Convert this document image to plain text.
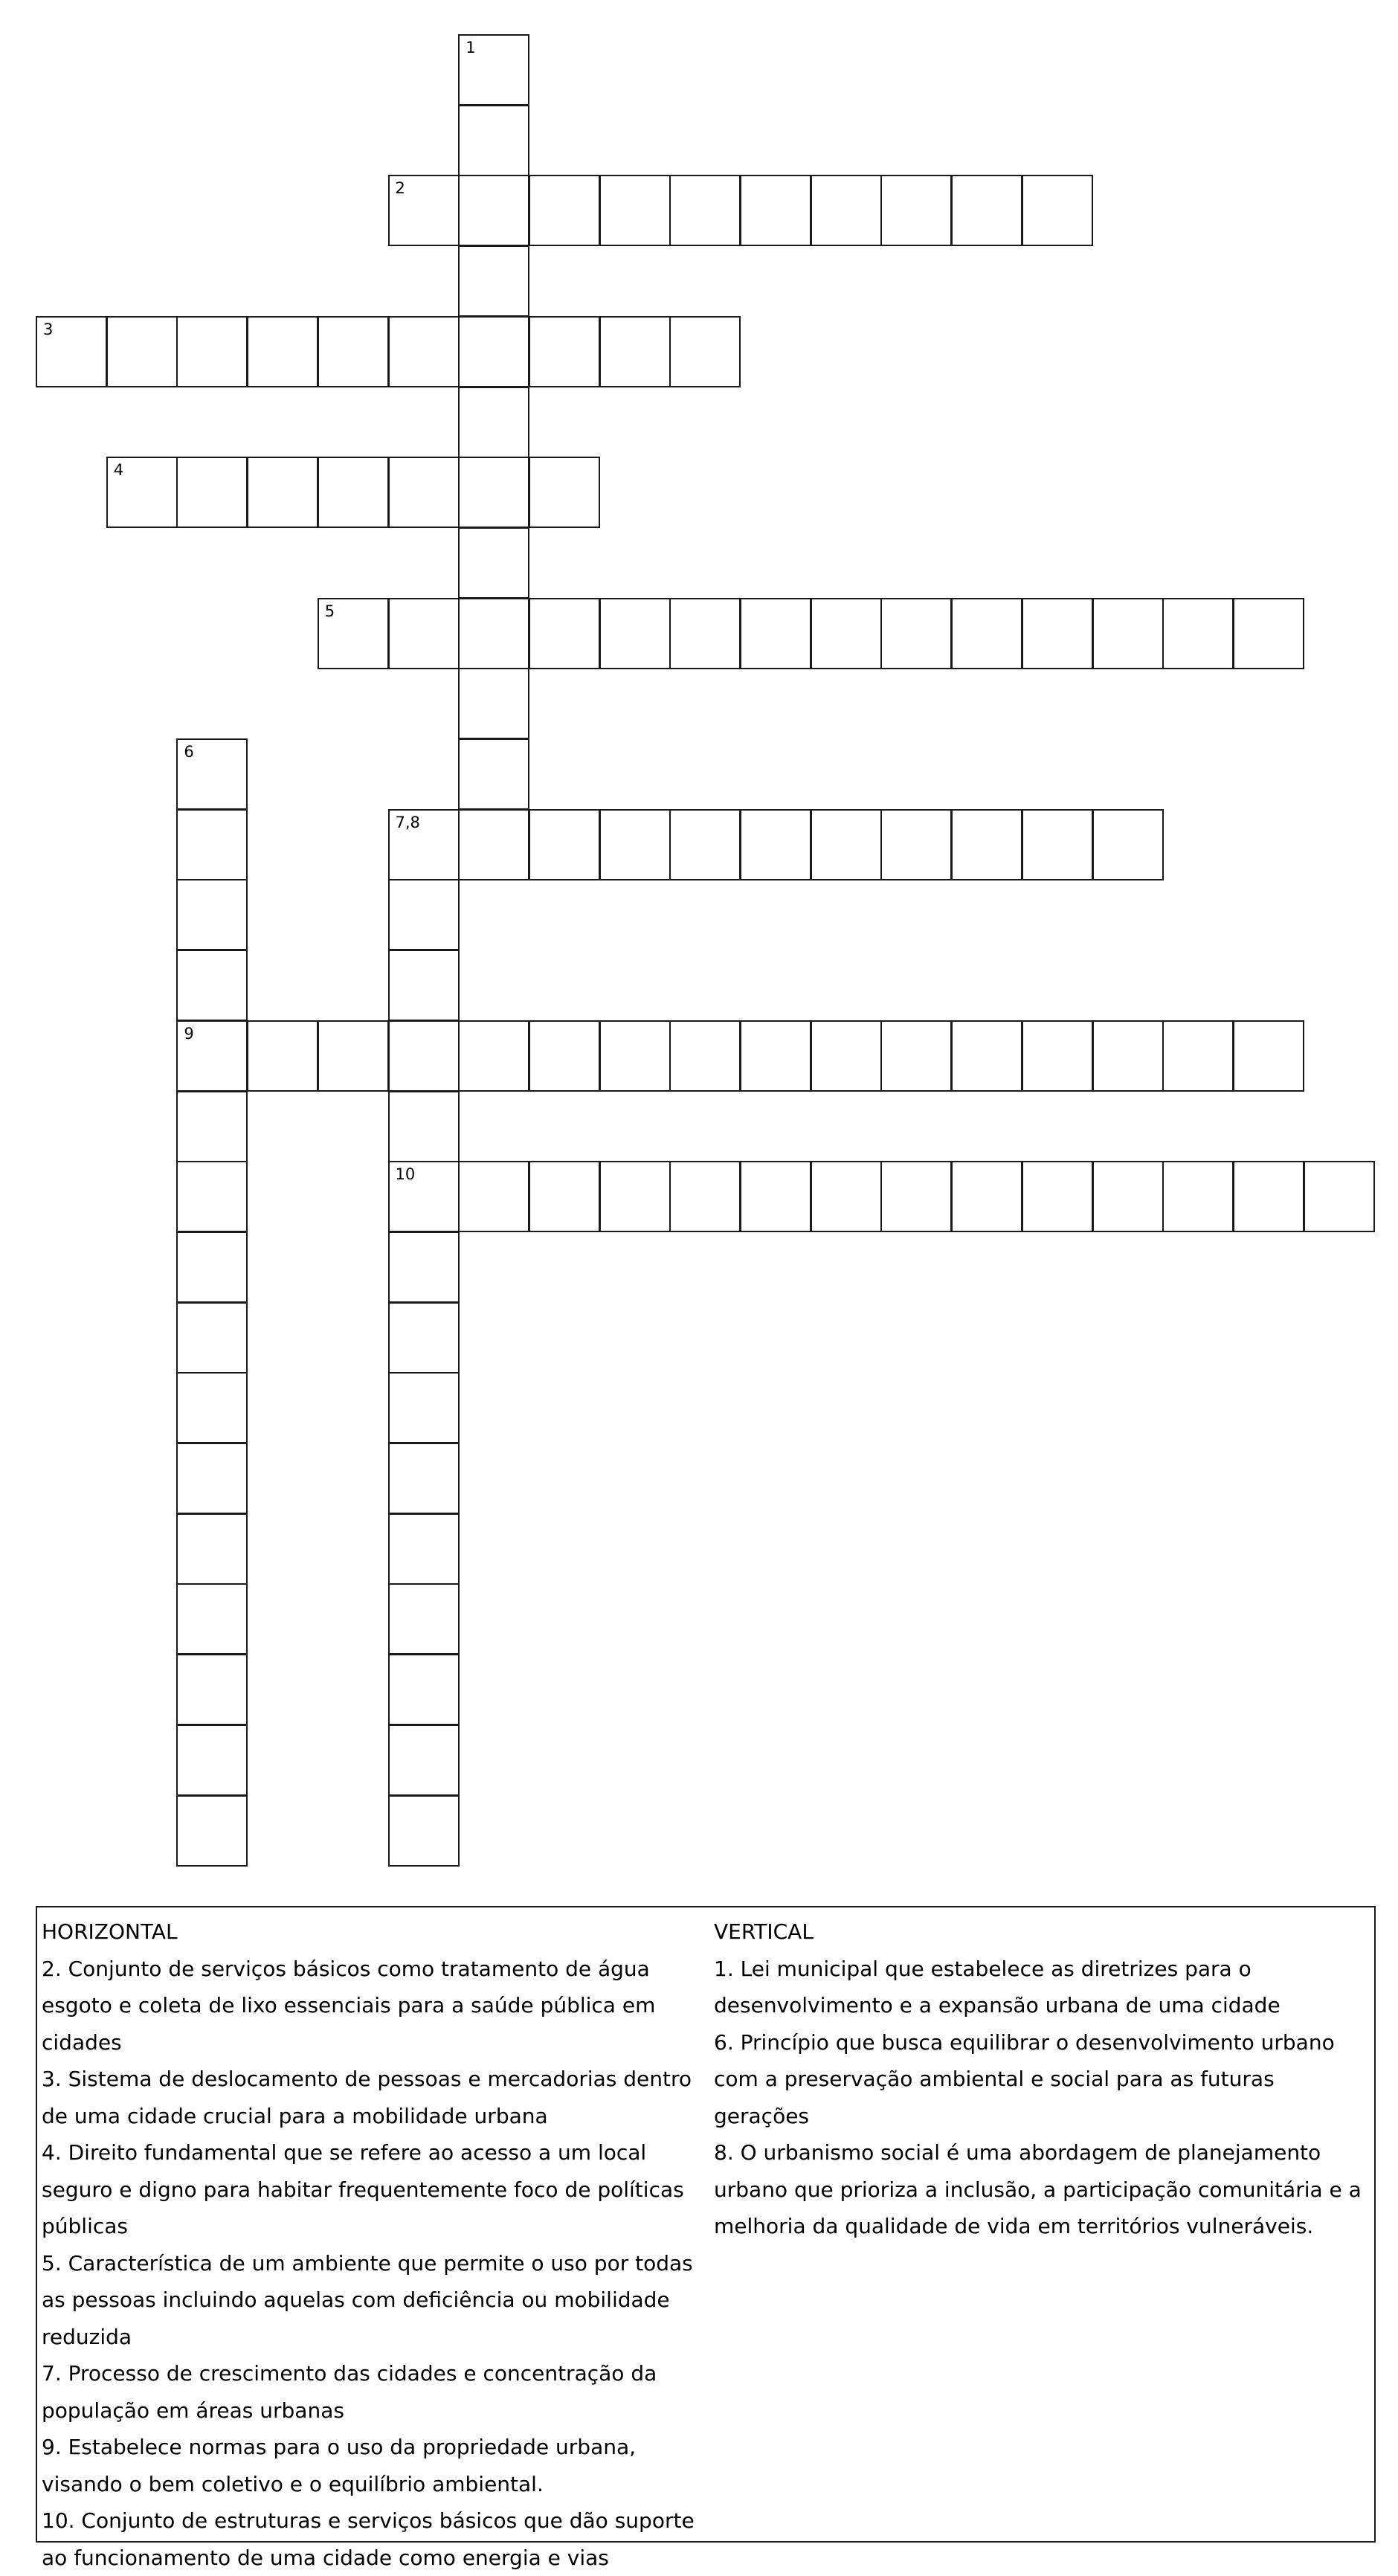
1
2
3
4
5
6
9
7,8
10
HORIZONTAL
2. Conjunto de serviços básicos como tratamento de água esgoto e coleta de lixo essenciais para a saúde pública em cidades
3. Sistema de deslocamento de pessoas e mercadorias dentro de uma cidade crucial para a mobilidade urbana
4. Direito fundamental que se refere ao acesso a um local seguro e digno para habitar frequentemente foco de políticas públicas
5. Característica de um ambiente que permite o uso por todas as pessoas incluindo aquelas com deficiência ou mobilidade reduzida
7. Processo de crescimento das cidades e concentração da população em áreas urbanas
9. Estabelece normas para o uso da propriedade urbana, visando o bem coletivo e o equilíbrio ambiental.
10. Conjunto de estruturas e serviços básicos que dão suporte ao funcionamento de uma cidade como energia e vias
VERTICAL
1. Lei municipal que estabelece as diretrizes para o desenvolvimento e a expansão urbana de uma cidade
6. Princípio que busca equilibrar o desenvolvimento urbano com a preservação ambiental e social para as futuras gerações
8. O urbanismo social é uma abordagem de planejamento urbano que prioriza a inclusão, a participação comunitária e a melhoria da qualidade de vida em territórios vulneráveis.
